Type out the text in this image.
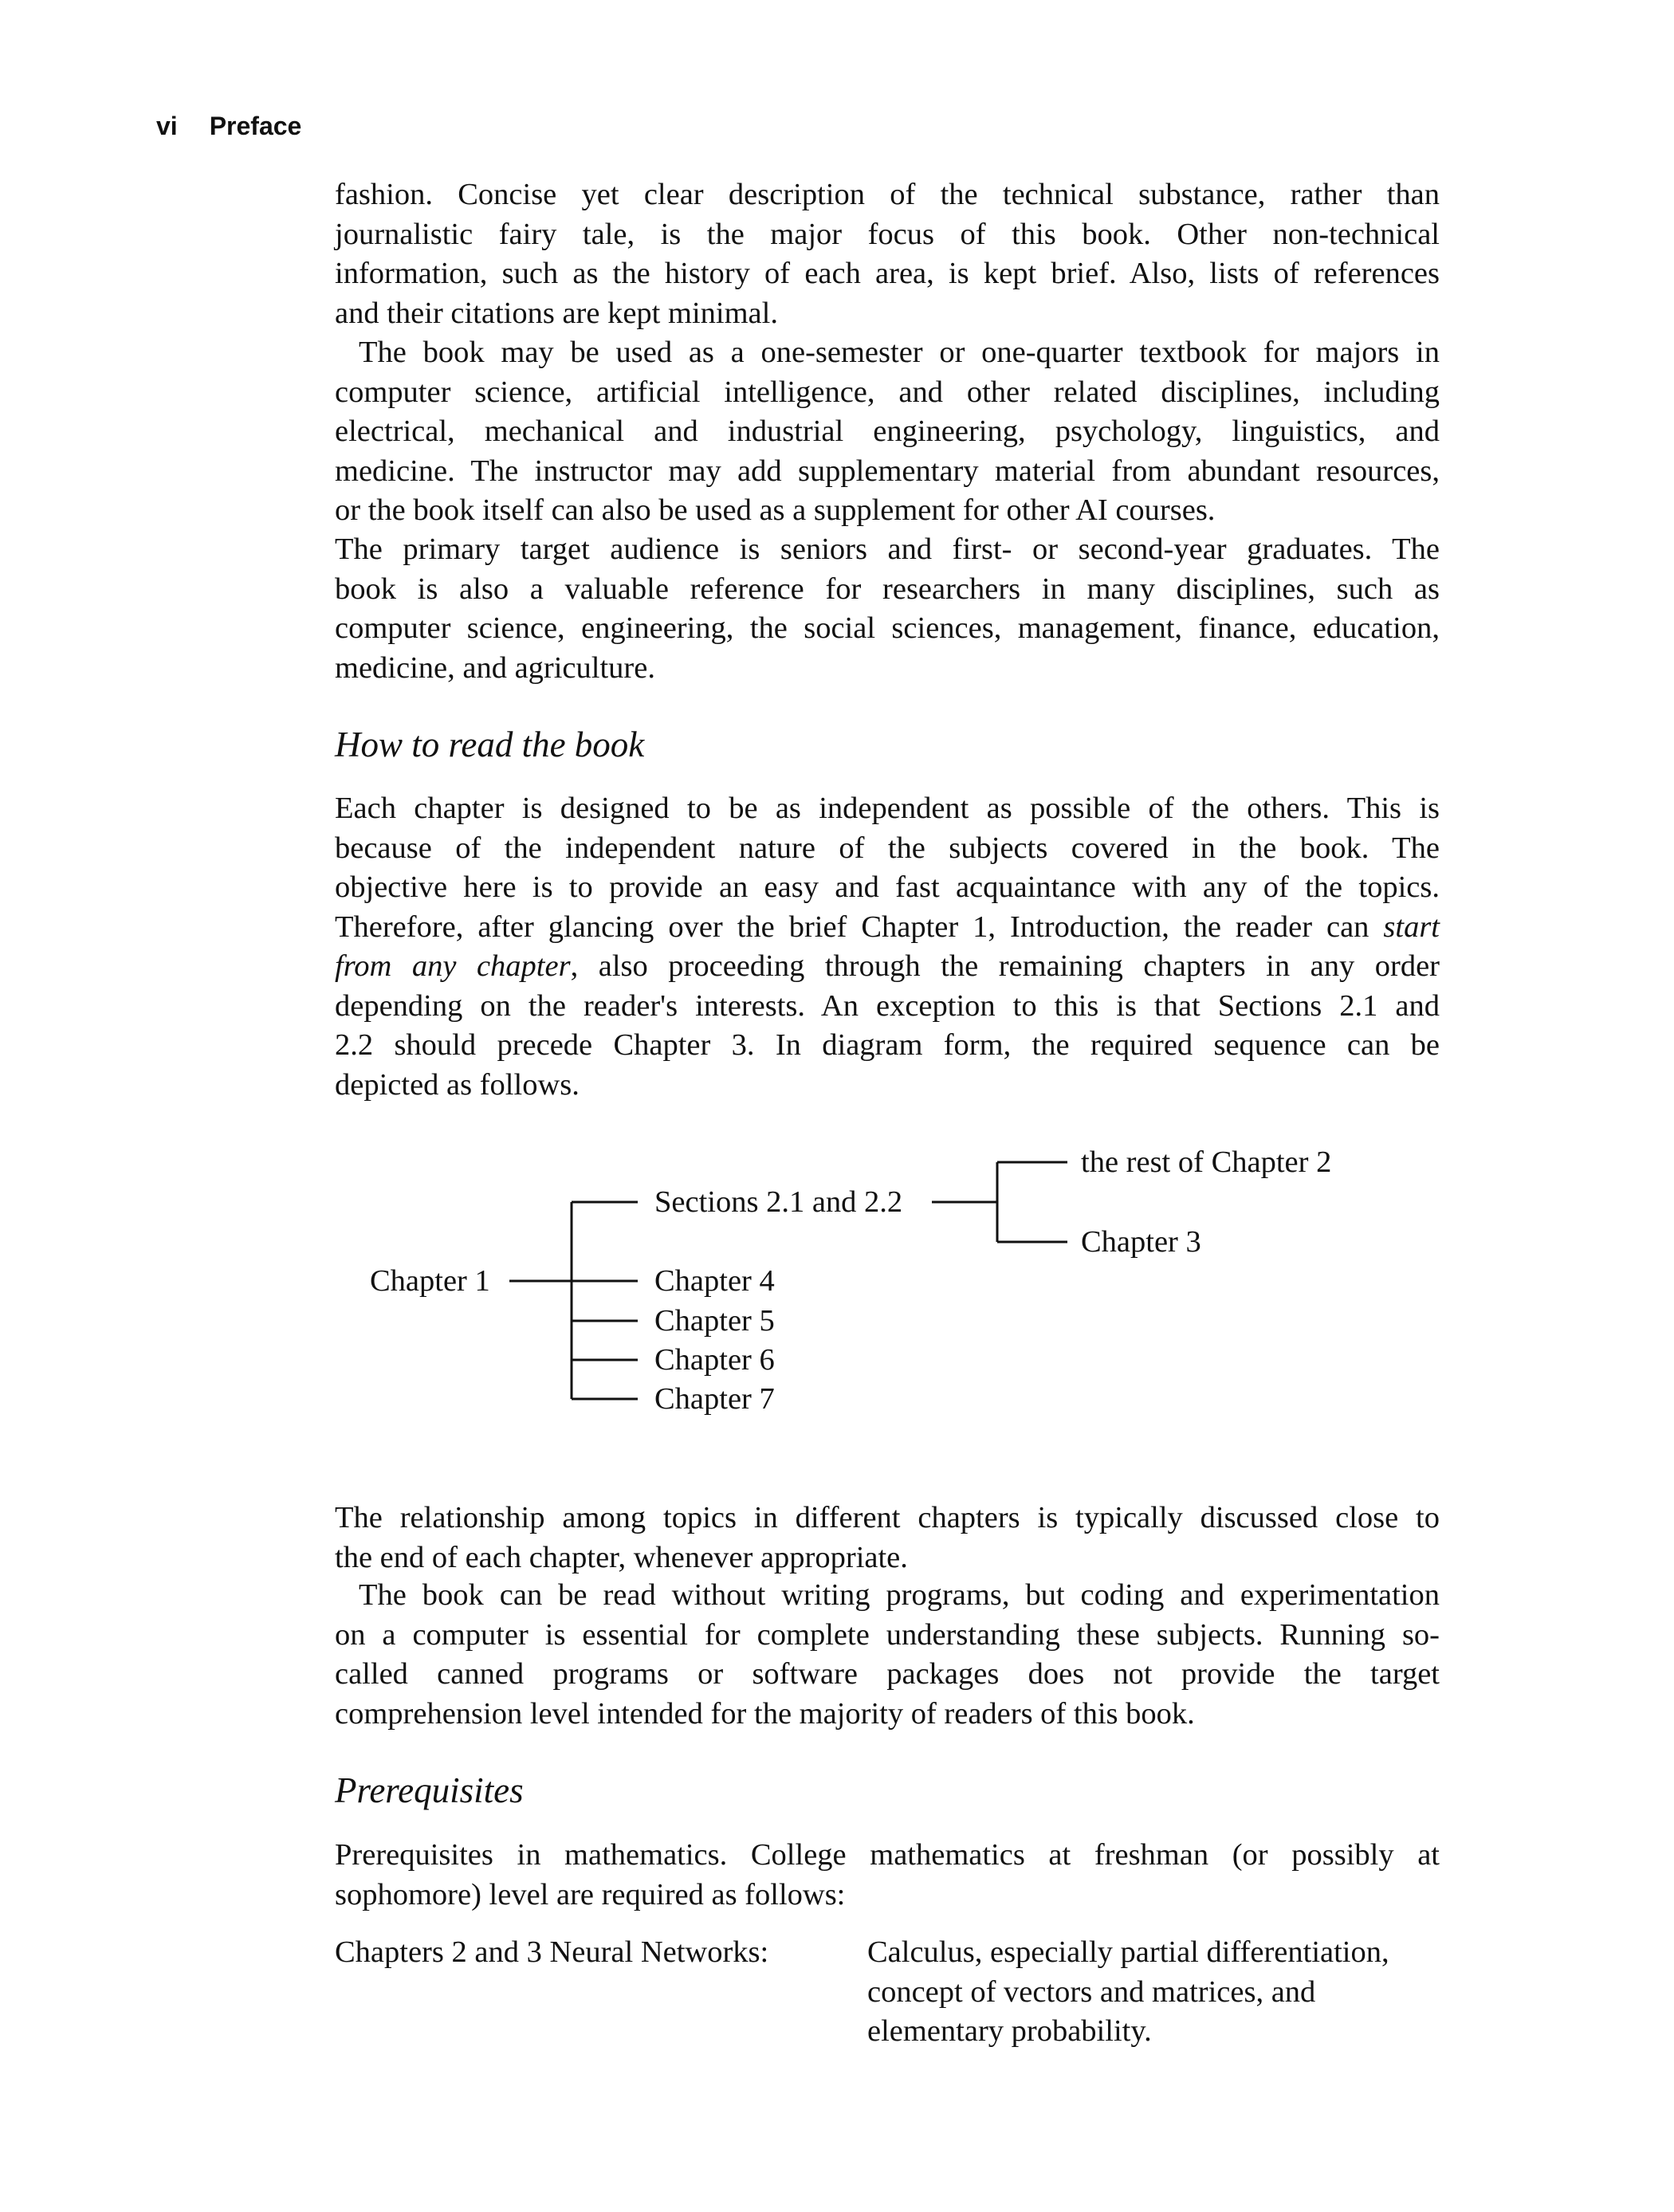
vi Preface
fashion. Concise yet clear description of the technical substance, rather than
journalistic fairy tale, is the major focus of this book. Other non-technical
information, such as the history of each area, is kept brief. Also, lists of references
and their citations are kept minimal.
The book may be used as a one-semester or one-quarter textbook for majors in
computer science, artificial intelligence, and other related disciplines, including
electrical, mechanical and industrial engineering, psychology, linguistics, and
medicine. The instructor may add supplementary material from abundant resources,
or the book itself can also be used as a supplement for other AI courses.
The primary target audience is seniors and first- or second-year graduates. The
book is also a valuable reference for researchers in many disciplines, such as
computer science, engineering, the social sciences, management, finance, education,
medicine, and agriculture.
How to read the book
Each chapter is designed to be as independent as possible of the others. This is
because of the independent nature of the subjects covered in the book. The
objective here is to provide an easy and fast acquaintance with any of the topics.
Therefore, after glancing over the brief Chapter 1, Introduction, the reader can start
from any chapter, also proceeding through the remaining chapters in any order
depending on the reader's interests. An exception to this is that Sections 2.1 and
2.2 should precede Chapter 3. In diagram form, the required sequence can be
depicted as follows.
Chapter 1
Sections 2.1 and 2.2
Chapter 4
Chapter 5
Chapter 6
Chapter 7
the rest of Chapter 2
Chapter 3
The relationship among topics in different chapters is typically discussed close to
the end of each chapter, whenever appropriate.
The book can be read without writing programs, but coding and experimentation
on a computer is essential for complete understanding these subjects. Running so-
called canned programs or software packages does not provide the target
comprehension level intended for the majority of readers of this book.
Prerequisites
Prerequisites in mathematics. College mathematics at freshman (or possibly at
sophomore) level are required as follows:
Chapters 2 and 3 Neural Networks:	Calculus, especially partial differentiation,
concept of vectors and matrices, and
elementary probability.
